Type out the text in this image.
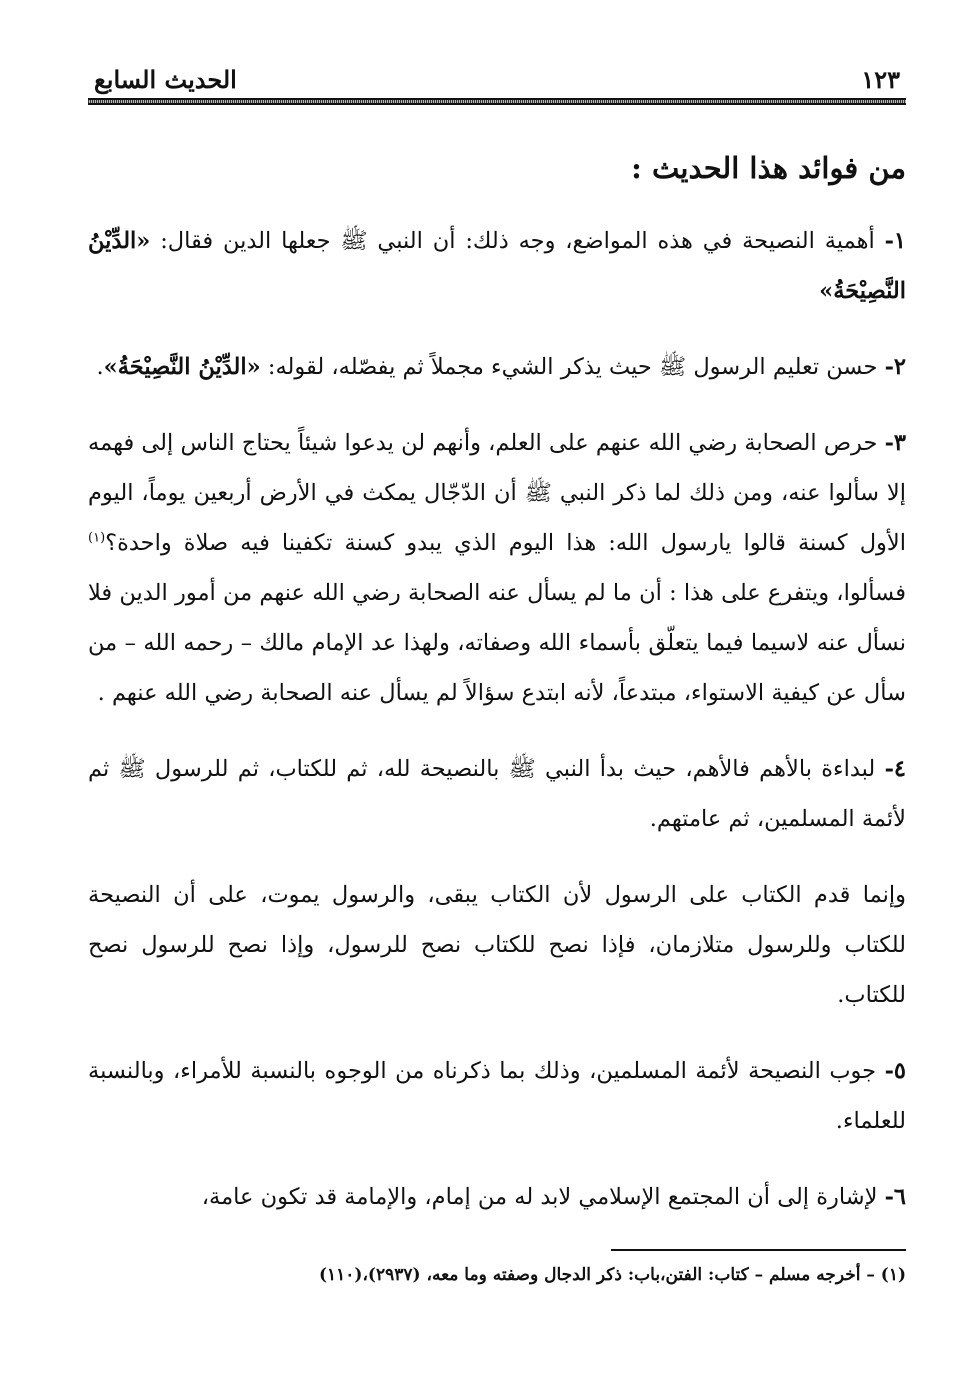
١٢٣
الحديث السابع
من فوائد هذا الحديث :

١- أهمية النصيحة في هذه المواضع، وجه ذلك: أن النبي ﷺ جعلها الدين فقال: «الدِّيْنُ النَّصِيْحَةُ»

٢- حسن تعليم الرسول ﷺ حيث يذكر الشيء مجملاً ثم يفصّله، لقوله: «الدِّيْنُ النَّصِيْحَةُ».

٣- حرص الصحابة رضي الله عنهم على العلم، وأنهم لن يدعوا شيئاً يحتاج الناس إلى فهمه إلا سألوا عنه، ومن ذلك لما ذكر النبي ﷺ أن الدّجّال يمكث في الأرض أربعين يوماً، اليوم الأول كسنة قالوا يارسول الله: هذا اليوم الذي يبدو كسنة تكفينا فيه صلاة واحدة؟$^{(١)}$ فسألوا، ويتفرع على هذا : أن ما لم يسأل عنه الصحابة رضي الله عنهم من أمور الدين فلا نسأل عنه لاسيما فيما يتعلّق بأسماء الله وصفاته، ولهذا عد الإمام مالك – رحمه الله – من سأل عن كيفية الاستواء، مبتدعاً، لأنه ابتدع سؤالاً لم يسأل عنه الصحابة رضي الله عنهم .

٤- لبداءة بالأهم فالأهم، حيث بدأ النبي ﷺ بالنصيحة لله، ثم للكتاب، ثم للرسول ﷺ ثم لأئمة المسلمين، ثم عامتهم.

وإنما قدم الكتاب على الرسول لأن الكتاب يبقى، والرسول يموت، على أن النصيحة للكتاب وللرسول متلازمان، فإذا نصح للكتاب نصح للرسول، وإذا نصح للرسول نصح للكتاب.

٥- جوب النصيحة لأئمة المسلمين، وذلك بما ذكرناه من الوجوه بالنسبة للأمراء، وبالنسبة للعلماء.

٦- لإشارة إلى أن المجتمع الإسلامي لابد له من إمام، والإمامة قد تكون عامة،

(١) – أخرجه مسلم – كتاب: الفتن،باب: ذكر الدجال وصفته وما معه، (٢٩٣٧)،(١١٠)
